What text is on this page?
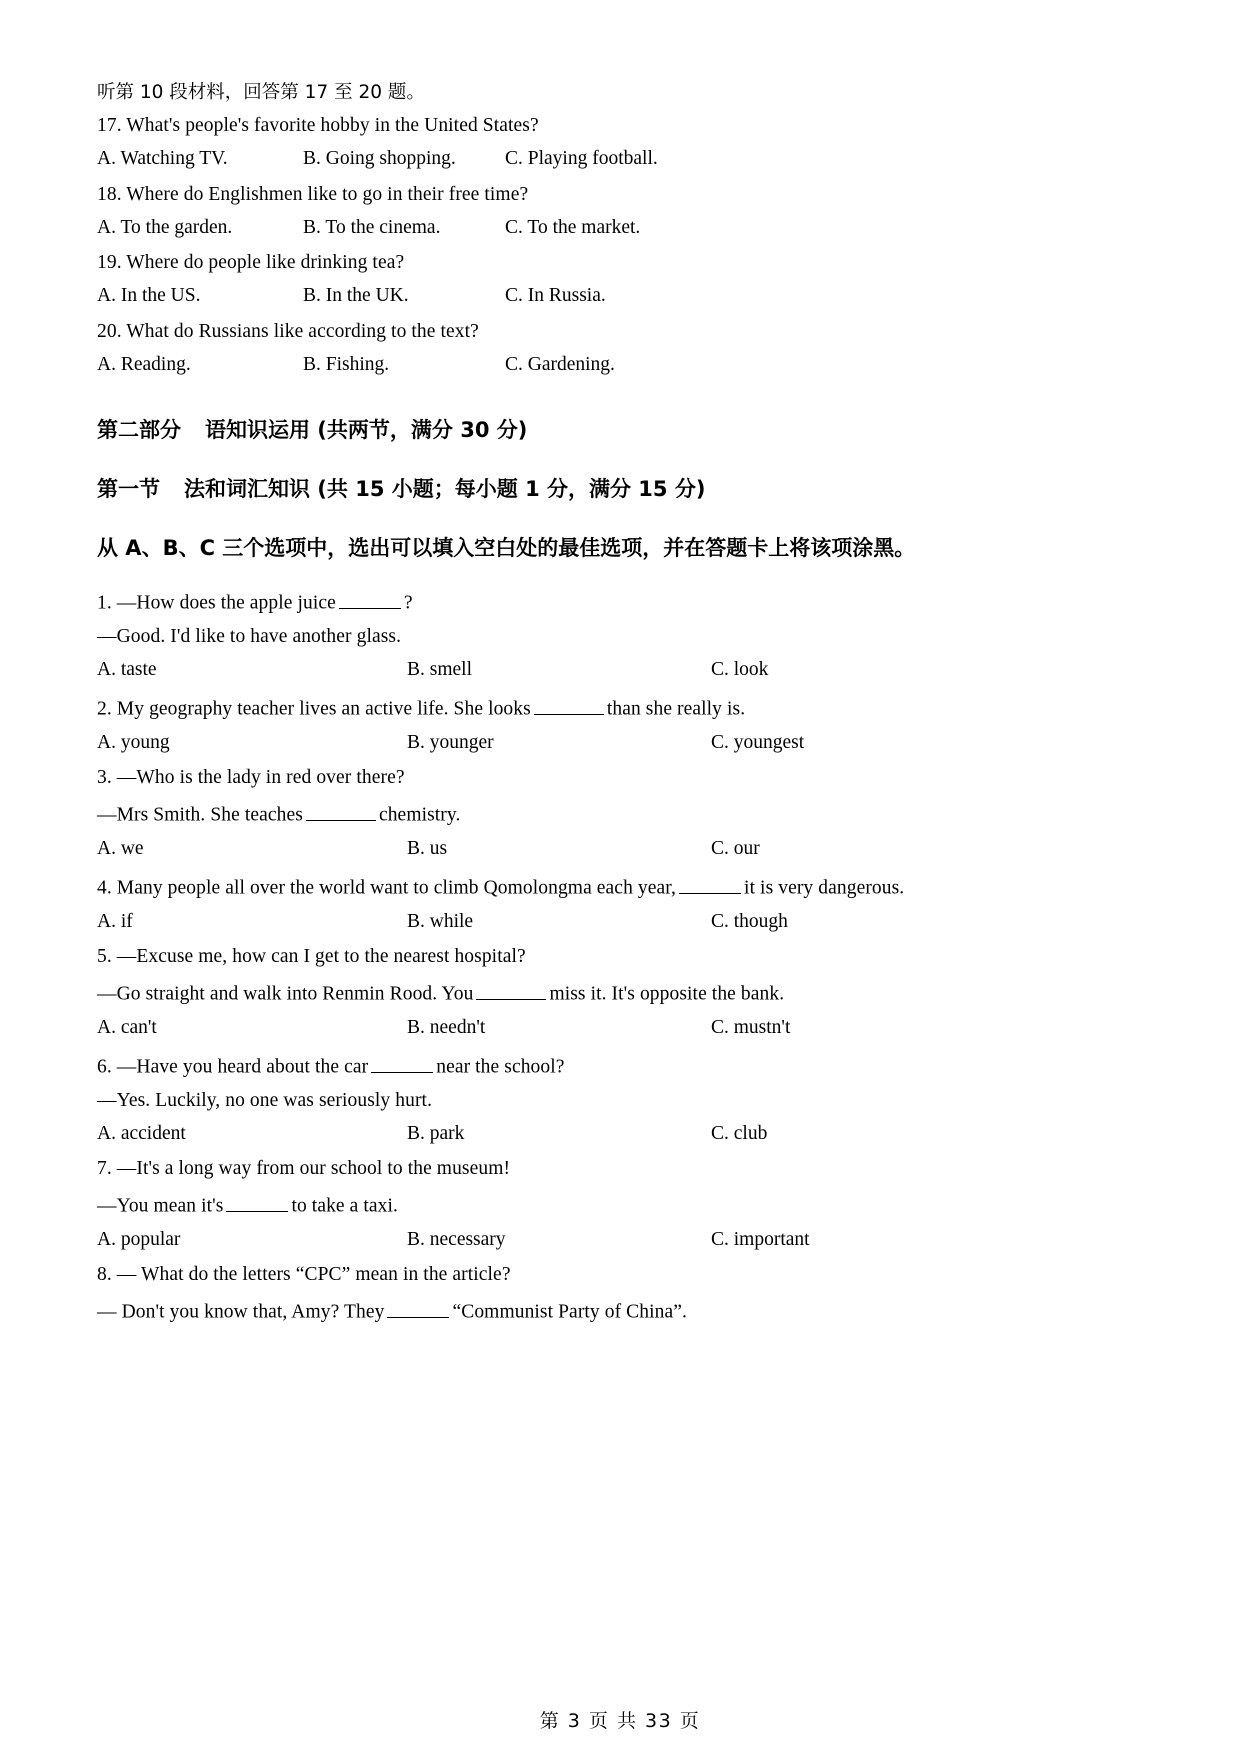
听第 10 段材料，回答第 17 至 20 题。
17. What's people's favorite hobby in the United States?
A. Watching TV.	B. Going shopping.	C. Playing football.
18. Where do Englishmen like to go in their free time?
A. To the garden.	B. To the cinema.	C. To the market.
19. Where do people like drinking tea?
A. In the US.	B. In the UK.	C. In Russia.
20. What do Russians like according to the text?
A. Reading.	B. Fishing.	C. Gardening.
第二部分 语知识运用 (共两节，满分 30 分)
第一节 法和词汇知识 (共 15 小题；每小题 1 分，满分 15 分)
从 A、B、C 三个选项中，选出可以填入空白处的最佳选项，并在答题卡上将该项涂黑。
1. —How does the apple juice	?
—Good. I'd like to have another glass.
A. taste	B. smell	C. look
2. My geography teacher lives an active life. She looks	than she really is.
A. young	B. younger	C. youngest
3. —Who is the lady in red over there?
—Mrs Smith. She teaches	chemistry.
A. we	B. us	C. our
4. Many people all over the world want to climb Qomolongma each year,	it is very dangerous.
A. if	B. while	C. though
5. —Excuse me, how can I get to the nearest hospital?
—Go straight and walk into Renmin Rood. You	miss it. It's opposite the bank.
A. can't	B. needn't	C. mustn't
6. —Have you heard about the car	near the school?
—Yes. Luckily, no one was seriously hurt.
A. accident	B. park	C. club
7. —It's a long way from our school to the museum!
—You mean it's	to take a taxi.
A. popular	B. necessary	C. important
8. — What do the letters “CPC” mean in the article?
— Don't you know that, Amy? They	“Communist Party of China”.
第 3 页 共 33 页
